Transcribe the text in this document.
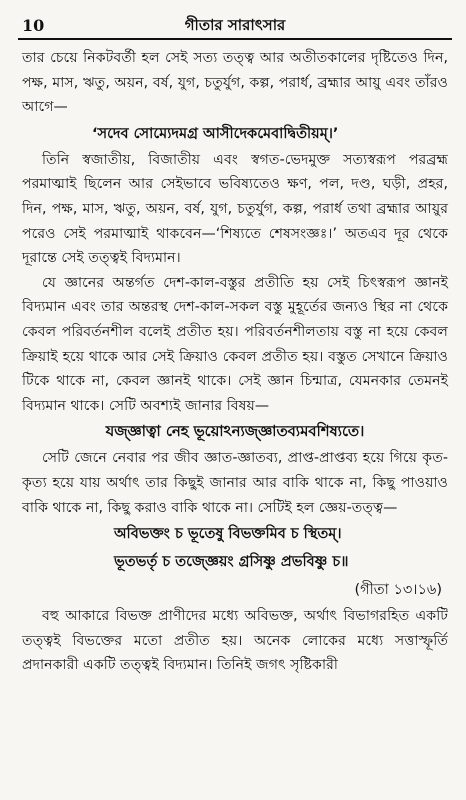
10	গীতার সারাৎসার

তার চেয়ে নিকটবর্তী হল সেই সত্য তত্ত্ব আর অতীতকালের দৃষ্টিতেও দিন, পক্ষ, মাস, ঋতু, অয়ন, বর্ষ, যুগ, চতুর্যুগ, কল্প, পরার্ধ, ব্রহ্মার আয়ু এবং তাঁরও আগে—

‘সদেব সোম্যেদমগ্র আসীদেকমেবাদ্বিতীয়ম্।’

তিনি স্বজাতীয়, বিজাতীয় এবং স্বগত-ভেদমুক্ত সত্যস্বরূপ পরব্রহ্ম পরমাত্মাই ছিলেন আর সেইভাবে ভবিষ্যতেও ক্ষণ, পল, দণ্ড, ঘড়ী, প্রহর, দিন, পক্ষ, মাস, ঋতু, অয়ন, বর্ষ, যুগ, চতুর্যুগ, কল্প, পরার্ধ তথা ব্রহ্মার আয়ুর পরেও সেই পরমাত্মাই থাকবেন—‘শিষ্যতে শেষসংজ্ঞঃ।’ অতএব দূর থেকে দূরান্তে সেই তত্ত্বই বিদ্যমান।

যে জ্ঞানের অন্তর্গত দেশ-কাল-বস্তুর প্রতীতি হয় সেই চিৎস্বরূপ জ্ঞানই বিদ্যমান এবং তার অন্তরস্থ দেশ-কাল-সকল বস্তু মুহূর্তের জন্যও স্থির না থেকে কেবল পরিবর্তনশীল বলেই প্রতীত হয়। পরিবর্তনশীলতায় বস্তু না হয়ে কেবল ক্রিয়াই হয়ে থাকে আর সেই ক্রিয়াও কেবল প্রতীত হয়। বস্তুত সেখানে ক্রিয়াও টিকে থাকে না, কেবল জ্ঞানই থাকে। সেই জ্ঞান চিন্মাত্র, যেমনকার তেমনই বিদ্যমান থাকে। সেটি অবশ্যই জানার বিষয়—

যজ্জ্ঞাত্বা নেহ ভূয়োঽন্যজ্জ্ঞাতব্যমবশিষ্যতে।

সেটি জেনে নেবার পর জীব জ্ঞাত-জ্ঞাতব্য, প্রাপ্ত-প্রাপ্তব্য হয়ে গিয়ে কৃত-কৃত্য হয়ে যায় অর্থাৎ তার কিছুই জানার আর বাকি থাকে না, কিছু পাওয়াও বাকি থাকে না, কিছু করাও বাকি থাকে না। সেটিই হল জ্ঞেয়-তত্ত্ব—

অবিভক্তং চ ভূতেষু বিভক্তমিব চ স্থিতম্।

ভূতভর্তৃ চ তজ্জ্ঞেয়ং গ্রসিষ্ণু প্রভবিষ্ণু চ॥

(গীতা ১৩।১৬)

বহু আকারে বিভক্ত প্রাণীদের মধ্যে অবিভক্ত, অর্থাৎ বিভাগরহিত একটি তত্ত্বই বিভক্তের মতো প্রতীত হয়। অনেক লোকের মধ্যে সত্তাস্ফূর্তি প্রদানকারী একটি তত্ত্বই বিদ্যমান। তিনিই জগৎ সৃষ্টিকারী
